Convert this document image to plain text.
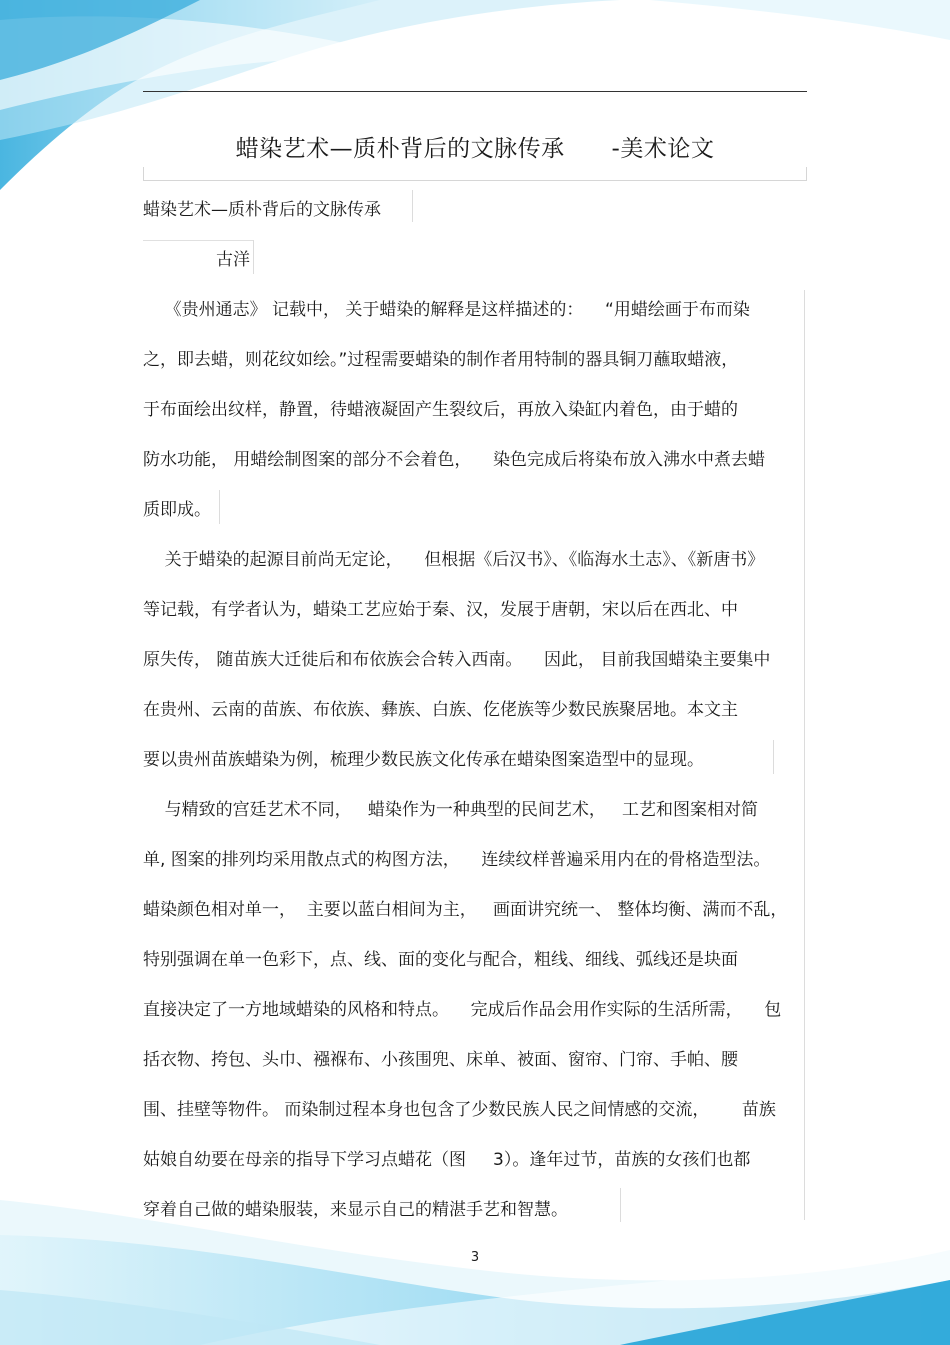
蜡染艺术—质朴背后的文脉传承      -美术论文
蜡染艺术—质朴背后的文脉传承
古洋
《贵州通志》 记载中， 关于蜡染的解释是这样描述的：    “用蜡绘画于布而染
之，即去蜡，则花纹如绘。”过程需要蜡染的制作者用特制的器具铜刀蘸取蜡液，
于布面绘出纹样，静置，待蜡液凝固产生裂纹后，再放入染缸内着色，由于蜡的
防水功能， 用蜡绘制图案的部分不会着色，    染色完成后将染布放入沸水中煮去蜡
质即成。
关于蜡染的起源目前尚无定论，    但根据《后汉书》、《临海水土志》、《新唐书》
等记载，有学者认为，蜡染工艺应始于秦、汉，发展于唐朝，宋以后在西北、中
原失传， 随苗族大迁徙后和布依族会合转入西南。    因此， 目前我国蜡染主要集中
在贵州、云南的苗族、布依族、彝族、白族、仡佬族等少数民族聚居地。本文主
要以贵州苗族蜡染为例，梳理少数民族文化传承在蜡染图案造型中的显现。
与精致的宫廷艺术不同，   蜡染作为一种典型的民间艺术，   工艺和图案相对简
单, 图案的排列均采用散点式的构图方法，    连续纹样普遍采用内在的骨格造型法。
蜡染颜色相对单一，  主要以蓝白相间为主，   画面讲究统一、 整体均衡、满而不乱，
特别强调在单一色彩下，点、线、面的变化与配合，粗线、细线、弧线还是块面
直接决定了一方地域蜡染的风格和特点。    完成后作品会用作实际的生活所需，    包
括衣物、挎包、头巾、襁褓布、小孩围兜、床单、被面、窗帘、门帘、手帕、腰
围、挂壁等物件。 而染制过程本身也包含了少数民族人民之间情感的交流，      苗族
姑娘自幼要在母亲的指导下学习点蜡花（图     3）。逢年过节，苗族的女孩们也都
穿着自己做的蜡染服装，来显示自己的精湛手艺和智慧。
3
